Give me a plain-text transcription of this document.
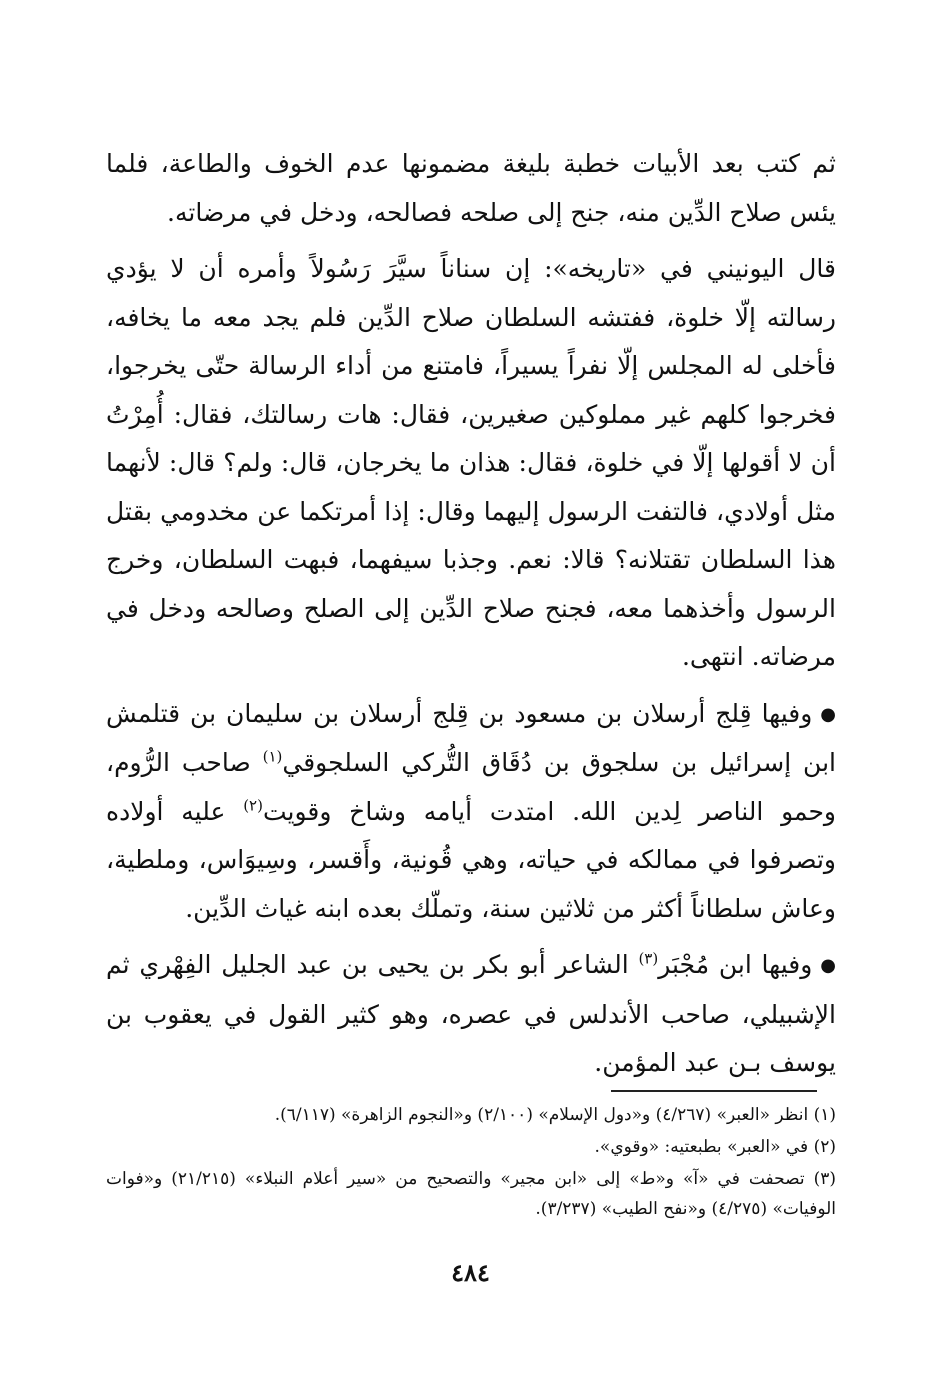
ثم كتب بعد الأبيات خطبة بليغة مضمونها عدم الخوف والطاعة، فلما يئس صلاح الدِّين منه، جنح إلى صلحه فصالحه، ودخل في مرضاته.

قال اليونيني في «تاريخه»: إن سناناً سيَّرَ رَسُولاً وأمره أن لا يؤدي رسالته إلّا خلوة، ففتشه السلطان صلاح الدِّين فلم يجد معه ما يخافه، فأخلى له المجلس إلّا نفراً يسيراً، فامتنع من أداء الرسالة حتّى يخرجوا، فخرجوا كلهم غير مملوكين صغيرين، فقال: هات رسالتك، فقال: أُمِرْتُ أن لا أقولها إلّا في خلوة، فقال: هذان ما يخرجان، قال: ولم؟ قال: لأنهما مثل أولادي، فالتفت الرسول إليهما وقال: إذا أمرتكما عن مخدومي بقتل هذا السلطان تقتلانه؟ قالا: نعم. وجذبا سيفهما، فبهت السلطان، وخرج الرسول وأخذهما معه، فجنح صلاح الدِّين إلى الصلح وصالحه ودخل في مرضاته. انتهى.

●وفيها قِلج أرسلان بن مسعود بن قِلج أرسلان بن سليمان بن قتلمش ابن إسرائيل بن سلجوق بن دُقَاق التُّركي السلجوقي$^{(١)}$ صاحب الرُّوم، وحمو الناصر لِدين الله. امتدت أيامه وشاخ وقويت$^{(٢)}$ عليه أولاده وتصرفوا في ممالكه في حياته، وهي قُونية، وأَقسر، وسِيوَاس، وملطية، وعاش سلطاناً أكثر من ثلاثين سنة، وتملّك بعده ابنه غياث الدِّين.

●وفيها ابن مُجْبَر$^{(٣)}$ الشاعر أبو بكر بن يحيى بن عبد الجليل الفِهْري ثم الإشبيلي، صاحب الأندلس في عصره، وهو كثير القول في يعقوب بن يوسف بـن عبد المؤمن.

(١) انظر «العبر» (٤/٢٦٧) و«دول الإسلام» (٢/١٠٠) و«النجوم الزاهرة» (٦/١١٧).

(٢) في «العبر» بطبعتيه: «وقوي».

(٣) تصحفت في «آ» و«ط» إلى «ابن مجير» والتصحيح من «سير أعلام النبلاء» (٢١/٢١٥) و«فوات الوفيات» (٤/٢٧٥) و«نفح الطيب» (٣/٢٣٧).

٤٨٤
